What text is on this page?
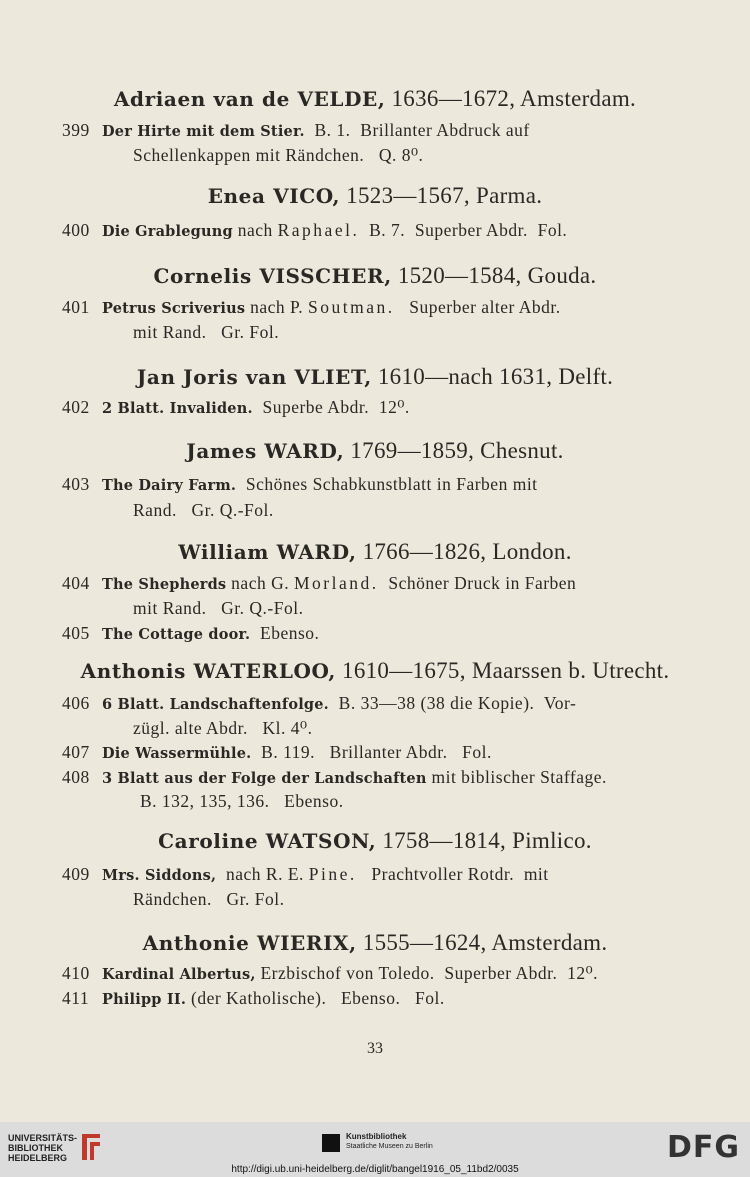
Adriaen van de VELDE, 1636—1672, Amsterdam.
399 Der Hirte mit dem Stier.  B. 1.  Brillanter Abdruck auf
Schellenkappen mit Rändchen.   Q. 8⁰.
Enea VICO, 1523—1567, Parma.
400 Die Grablegung nach Raphael.  B. 7.  Superber Abdr.  Fol.
Cornelis VISSCHER, 1520—1584, Gouda.
401 Petrus Scriverius nach P. Soutman.   Superber alter Abdr.
mit Rand.   Gr. Fol.
Jan Joris van VLIET, 1610—nach 1631, Delft.
402 2 Blatt. Invaliden.  Superbe Abdr.  12⁰.
James WARD, 1769—1859, Chesnut.
403 The Dairy Farm.  Schönes Schabkunstblatt in Farben mit
Rand.   Gr. Q.-Fol.
William WARD, 1766—1826, London.
404 The Shepherds nach G. Morland.  Schöner Druck in Farben
mit Rand.   Gr. Q.-Fol.
405 The Cottage door.  Ebenso.
Anthonis WATERLOO, 1610—1675, Maarssen b. Utrecht.
406 6 Blatt. Landschaftenfolge.  B. 33—38 (38 die Kopie).  Vor-
zügl. alte Abdr.   Kl. 4⁰.
407 Die Wassermühle.  B. 119.   Brillanter Abdr.   Fol.
408 3 Blatt aus der Folge der Landschaften mit biblischer Staffage.
B. 132, 135, 136.   Ebenso.
Caroline WATSON, 1758—1814, Pimlico.
409 Mrs. Siddons,  nach R. E. Pine.   Prachtvoller Rotdr.  mit
Rändchen.   Gr. Fol.
Anthonie WIERIX, 1555—1624, Amsterdam.
410 Kardinal Albertus, Erzbischof von Toledo.  Superber Abdr.  12⁰.
411 Philipp II. (der Katholische).   Ebenso.   Fol.
33
UNIVERSITÄTS-
BIBLIOTHEK
HEIDELBERG
Kunstbibliothek
Staatliche Museen zu Berlin	DFG
http://digi.ub.uni-heidelberg.de/diglit/bangel1916_05_11bd2/0035
